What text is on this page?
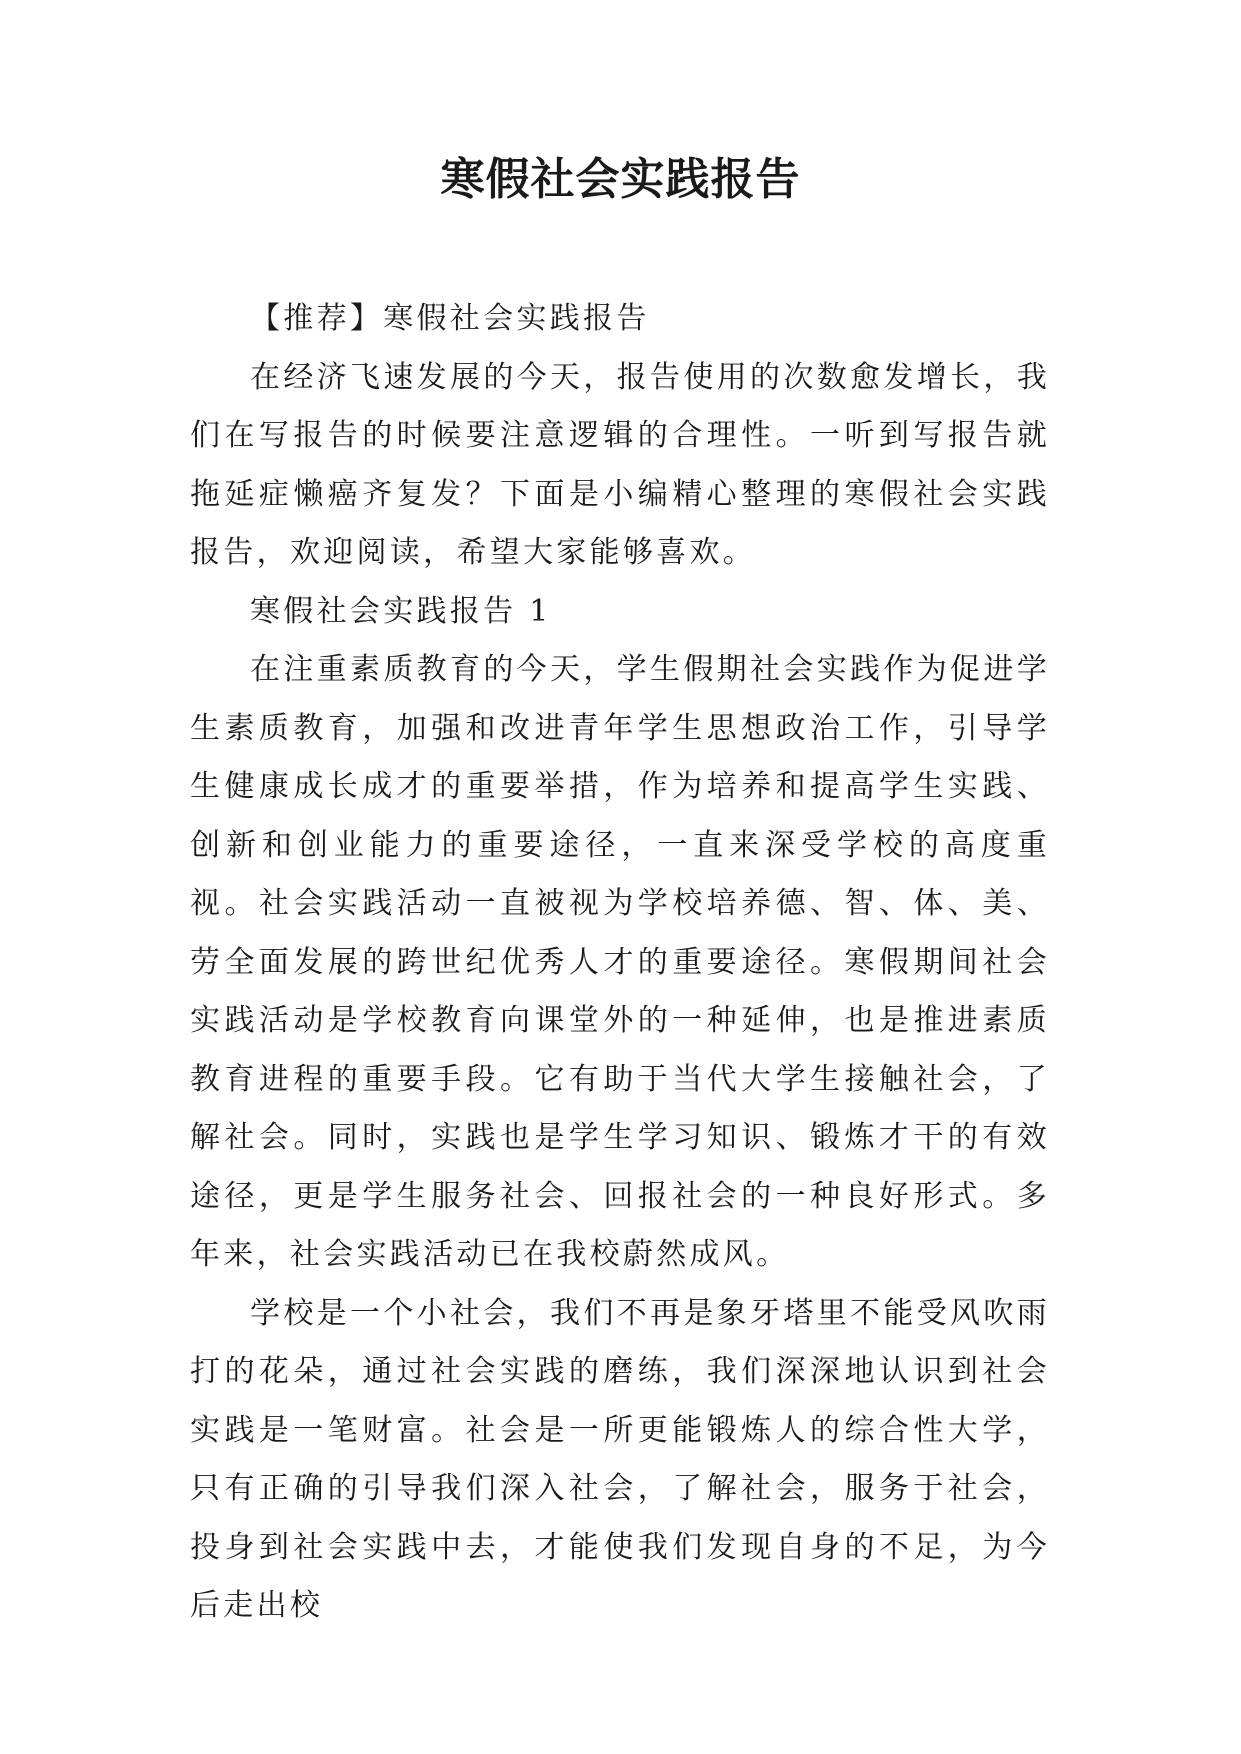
寒假社会实践报告

【推荐】寒假社会实践报告

在经济飞速发展的今天，报告使用的次数愈发增长，我们在写报告的时候要注意逻辑的合理性。一听到写报告就拖延症懒癌齐复发？下面是小编精心整理的寒假社会实践报告，欢迎阅读，希望大家能够喜欢。

寒假社会实践报告 1

在注重素质教育的今天，学生假期社会实践作为促进学生素质教育，加强和改进青年学生思想政治工作，引导学生健康成长成才的重要举措，作为培养和提高学生实践、创新和创业能力的重要途径，一直来深受学校的高度重视。社会实践活动一直被视为学校培养德、智、体、美、劳全面发展的跨世纪优秀人才的重要途径。寒假期间社会实践活动是学校教育向课堂外的一种延伸，也是推进素质教育进程的重要手段。它有助于当代大学生接触社会，了解社会。同时，实践也是学生学习知识、锻炼才干的有效途径，更是学生服务社会、回报社会的一种良好形式。多年来，社会实践活动已在我校蔚然成风。

学校是一个小社会，我们不再是象牙塔里不能受风吹雨打的花朵，通过社会实践的磨练，我们深深地认识到社会实践是一笔财富。社会是一所更能锻炼人的综合性大学，只有正确的引导我们深入社会，了解社会，服务于社会，投身到社会实践中去，才能使我们发现自身的不足，为今后走出校
